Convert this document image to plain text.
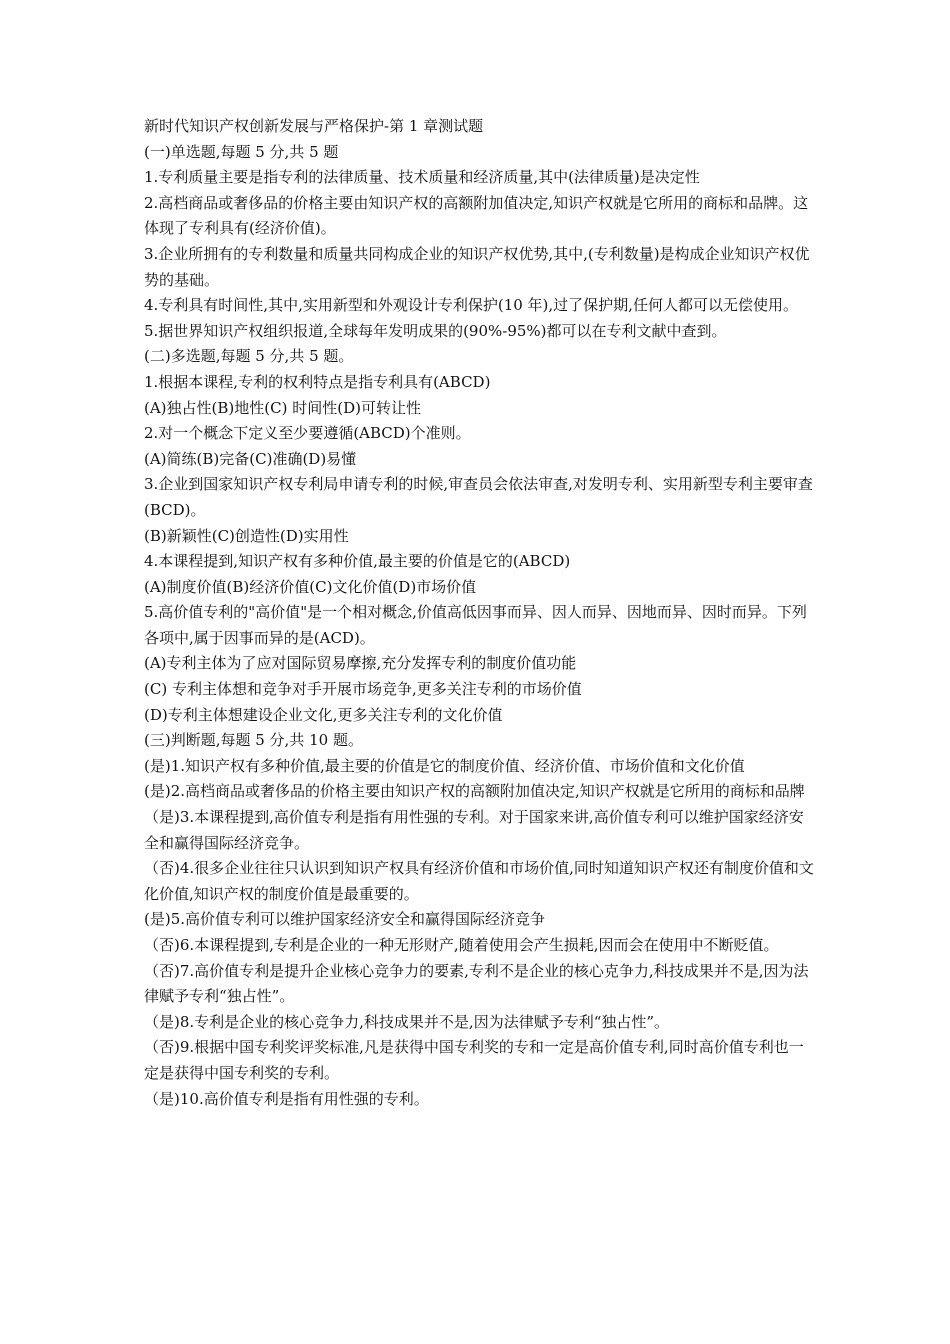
新时代知识产权创新发展与严格保护-第 1 章测试题

(一)单选题,每题 5 分,共 5 题

1.专利质量主要是指专利的法律质量、技术质量和经济质量,其中(法律质量)是决定性

2.高档商品或奢侈品的价格主要由知识产权的高额附加值决定,知识产权就是它所用的商标和品牌。这体现了专利具有(经济价值)。

3.企业所拥有的专利数量和质量共同构成企业的知识产权优势,其中,(专利数量)是构成企业知识产权优势的基础。

4.专利具有时间性,其中,实用新型和外观设计专利保护(10 年),过了保护期,任何人都可以无偿使用。

5.据世界知识产权组织报道,全球每年发明成果的(90%-95%)都可以在专利文献中查到。

(二)多选题,每题 5 分,共 5 题。

1.根据本课程,专利的权利特点是指专利具有(ABCD)

(A)独占性(B)地性(C) 时间性(D)可转让性

2.对一个概念下定义至少要遵循(ABCD)个准则。

(A)简练(B)完备(C)准确(D)易懂

3.企业到国家知识产权专利局申请专利的时候,审查员会依法审查,对发明专利、实用新型专利主要审查(BCD)。

(B)新颖性(C)创造性(D)实用性

4.本课程提到,知识产权有多种价值,最主要的价值是它的(ABCD)

(A)制度价值(B)经济价值(C)文化价值(D)市场价值

5.高价值专利的"高价值"是一个相对概念,价值高低因事而异、因人而异、因地而异、因时而异。下列各项中,属于因事而异的是(ACD)。

(A)专利主体为了应对国际贸易摩擦,充分发挥专利的制度价值功能

(C) 专利主体想和竞争对手开展市场竞争,更多关注专利的市场价值

(D)专利主体想建设企业文化,更多关注专利的文化价值

(三)判断题,每题 5 分,共 10 题。

(是)1.知识产权有多种价值,最主要的价值是它的制度价值、经济价值、市场价值和文化价值

(是)2.高档商品或奢侈品的价格主要由知识产权的高额附加值决定,知识产权就是它所用的商标和品牌

（是)3.本课程提到,高价值专利是指有用性强的专利。对于国家来讲,高价值专利可以维护国家经济安全和赢得国际经济竞争。

（否)4.很多企业往往只认识到知识产权具有经济价值和市场价值,同时知道知识产权还有制度价值和文化价值,知识产权的制度价值是最重要的。

(是)5.高价值专利可以维护国家经济安全和赢得国际经济竞争

（否)6.本课程提到,专利是企业的一种无形财产,随着使用会产生损耗,因而会在使用中不断贬值。

（否)7.高价值专利是提升企业核心竞争力的要素,专利不是企业的核心克争力,科技成果并不是,因为法律赋予专利“独占性”。

（是)8.专利是企业的核心竞争力,科技成果并不是,因为法律赋予专利“独占性”。

（否)9.根据中国专利奖评奖标准,凡是获得中国专利奖的专和一定是高价值专利,同时高价值专利也一定是获得中国专利奖的专利。

（是)10.高价值专利是指有用性强的专利。
